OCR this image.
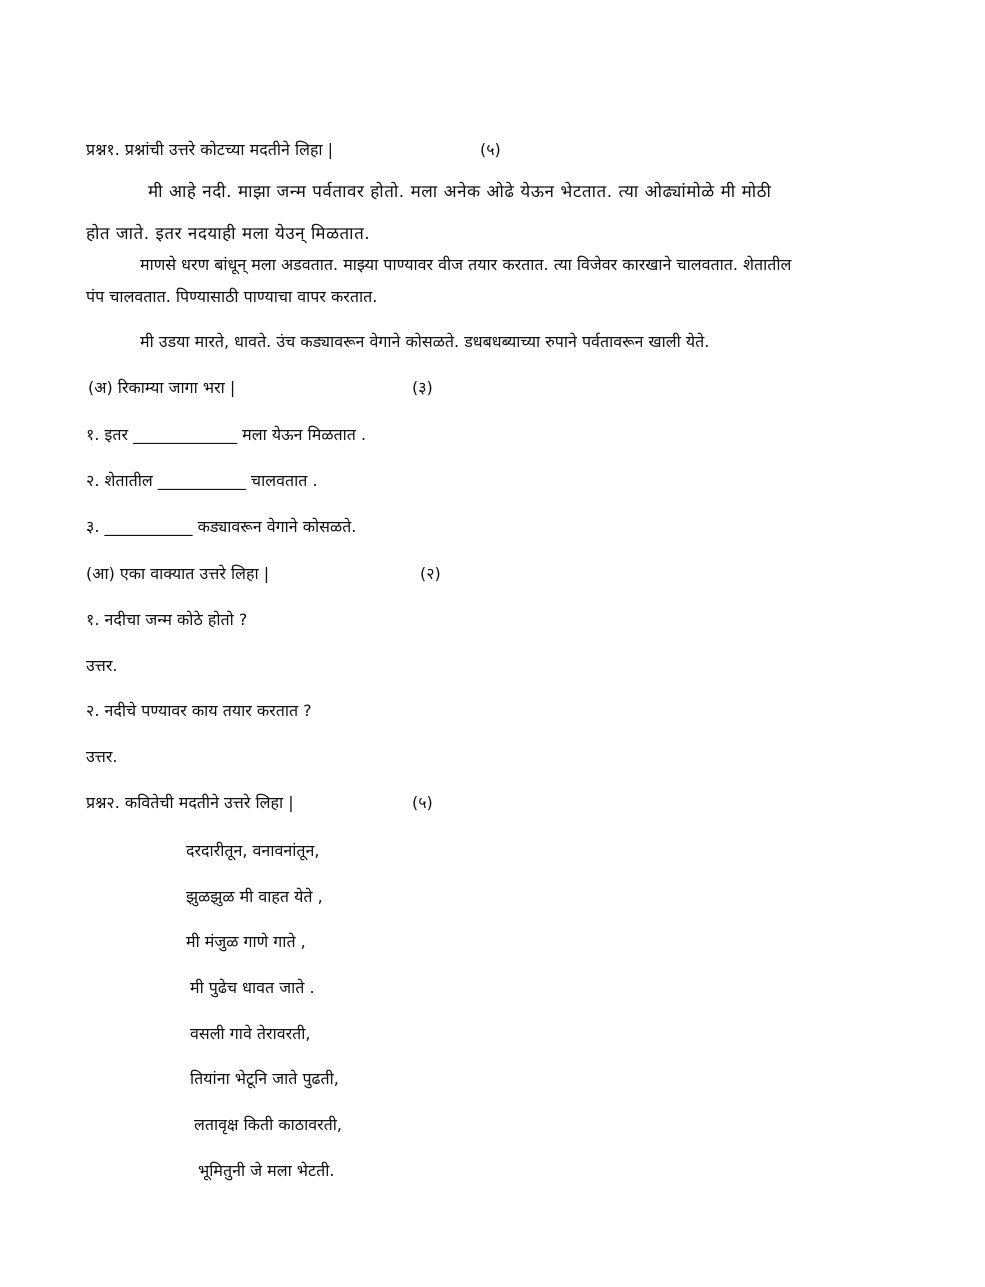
प्रश्न१. प्रश्नांची उत्तरे कोटच्या मदतीने लिहा |	(५)
मी आहे नदी. माझा जन्म पर्वतावर होतो. मला अनेक ओढे येऊन भेटतात. त्या ओढ्यांमोळे मी मोठी
होत जाते. इतर नदयाही मला येउन् मिळतात.
माणसे धरण बांधून् मला अडवतात. माझ्या पाण्यावर वीज तयार करतात. त्या विजेवर कारखाने चालवतात. शेतातील
पंप चालवतात. पिण्यासाठी पाण्याचा वापर करतात.
मी उडया मारते, धावते. उंच कड्यावरून वेगाने कोसळते. डधबधब्याच्या रुपाने पर्वतावरून खाली येते.
(अ) रिकाम्या जागा भरा |	(३)
१. इतर _____________ मला येऊन मिळतात .
२. शेतातील ___________ चालवतात .
३. ___________ कड्यावरून वेगाने कोसळते.
(आ) एका वाक्यात उत्तरे लिहा |	(२)
१. नदीचा जन्म कोठे होतो ?
उत्तर.
२. नदीचे पण्यावर काय तयार करतात ?
उत्तर.
प्रश्न२. कवितेची मदतीने उत्तरे लिहा |	(५)
दरदारीतून, वनावनांतून,
झुळझुळ मी वाहत येते ,
मी मंजुळ गाणे गाते ,
मी पुढेच धावत जाते .
वसली गावे तेरावरती,
तियांना भेटूनि जाते पुढती,
लतावृक्ष किती काठावरती,
भूमितुनी जे मला भेटती.
